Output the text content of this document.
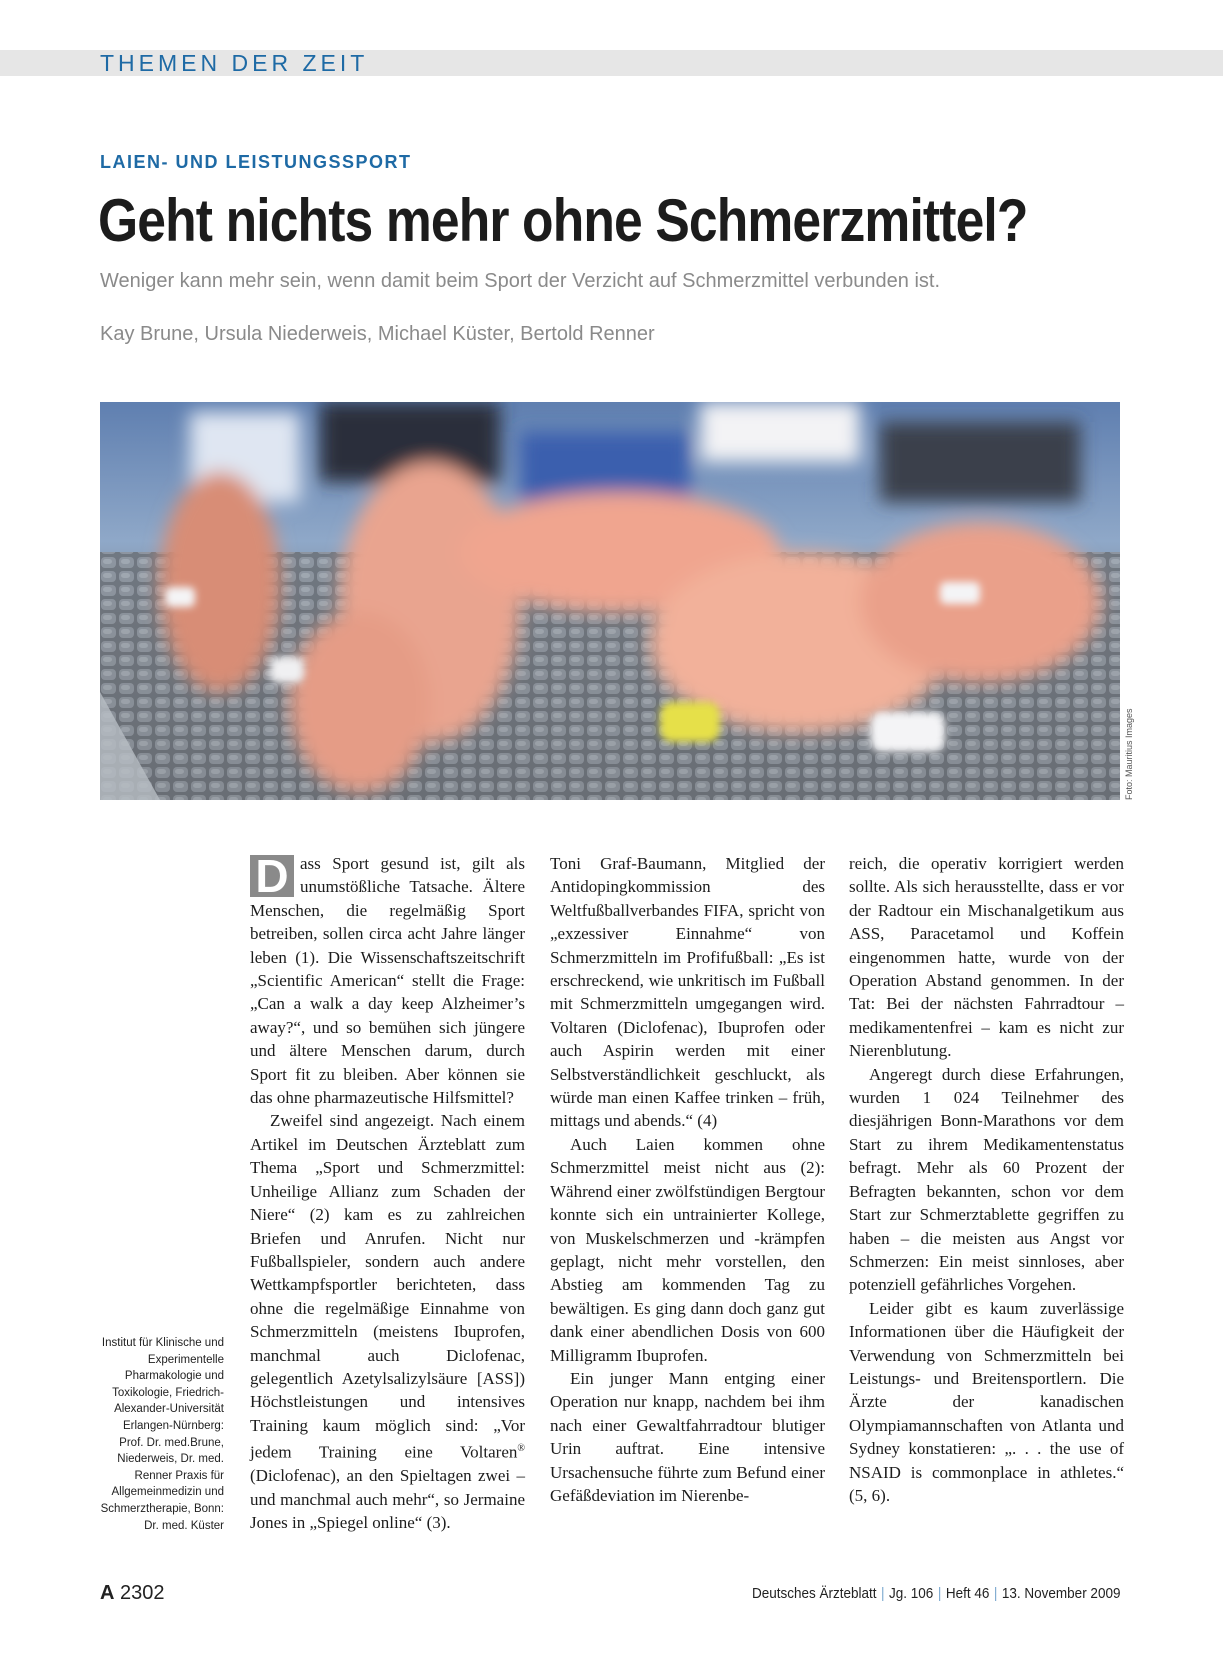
THEMEN DER ZEIT
LAIEN- UND LEISTUNGSSPORT
Geht nichts mehr ohne Schmerzmittel?
Weniger kann mehr sein, wenn damit beim Sport der Verzicht auf Schmerzmittel verbunden ist.
Kay Brune, Ursula Niederweis, Michael Küster, Bertold Renner
Foto: Mauritius Images
Institut für Klinische und Experimentelle Pharmakologie und Toxikologie, Friedrich-Alexander-Universität Erlangen-Nürnberg: Prof. Dr. med.Brune, Niederweis, Dr. med. Renner Praxis für Allgemeinmedizin und Schmerztherapie, Bonn: Dr. med. Küster

D ass Sport gesund ist, gilt als unumstößliche Tatsache. Ältere Menschen, die regelmäßig Sport betreiben, sollen circa acht Jahre länger leben (1). Die Wissenschaftszeitschrift „Scientific American“ stellt die Frage: „Can a walk a day keep Alzheimer’s away?“, und so bemühen sich jüngere und ältere Menschen darum, durch Sport fit zu bleiben. Aber können sie das ohne pharmazeutische Hilfsmittel?

Zweifel sind angezeigt. Nach einem Artikel im Deutschen Ärzteblatt zum Thema „Sport und Schmerzmittel: Unheilige Allianz zum Schaden der Niere“ (2) kam es zu zahlreichen Briefen und Anrufen. Nicht nur Fußballspieler, sondern auch andere Wettkampfsportler berichteten, dass ohne die regelmäßige Einnahme von Schmerzmitteln (meistens Ibuprofen, manchmal auch Diclofenac, gelegentlich Azetylsalizylsäure [ASS]) Höchstleistungen und intensives Training kaum möglich sind: „Vor jedem Training eine Voltaren® (Diclofenac), an den Spieltagen zwei – und manchmal auch mehr“, so Jermaine Jones in „Spiegel online“ (3).

Toni Graf-Baumann, Mitglied der Antidopingkommission des Weltfußballverbandes FIFA, spricht von „exzessiver Einnahme“ von Schmerzmitteln im Profifußball: „Es ist erschreckend, wie unkritisch im Fußball mit Schmerzmitteln umgegangen wird. Voltaren (Diclofenac), Ibuprofen oder auch Aspirin werden mit einer Selbstverständlichkeit geschluckt, als würde man einen Kaffee trinken – früh, mittags und abends.“ (4)

Auch Laien kommen ohne Schmerzmittel meist nicht aus (2): Während einer zwölfstündigen Bergtour konnte sich ein untrainierter Kollege, von Muskelschmerzen und -krämpfen geplagt, nicht mehr vorstellen, den Abstieg am kommenden Tag zu bewältigen. Es ging dann doch ganz gut dank einer abendlichen Dosis von 600 Milligramm Ibuprofen.

Ein junger Mann entging einer Operation nur knapp, nachdem bei ihm nach einer Gewaltfahrradtour blutiger Urin auftrat. Eine intensive Ursachensuche führte zum Befund einer Gefäßdeviation im Nierenbe-

reich, die operativ korrigiert werden sollte. Als sich herausstellte, dass er vor der Radtour ein Mischanalgetikum aus ASS, Paracetamol und Koffein eingenommen hatte, wurde von der Operation Abstand genommen. In der Tat: Bei der nächsten Fahrradtour – medikamentenfrei – kam es nicht zur Nierenblutung.

Angeregt durch diese Erfahrungen, wurden 1 024 Teilnehmer des diesjährigen Bonn-Marathons vor dem Start zu ihrem Medikamentenstatus befragt. Mehr als 60 Prozent der Befragten bekannten, schon vor dem Start zur Schmerztablette gegriffen zu haben – die meisten aus Angst vor Schmerzen: Ein meist sinnloses, aber potenziell gefährliches Vorgehen.

Leider gibt es kaum zuverlässige Informationen über die Häufigkeit der Verwendung von Schmerzmitteln bei Leistungs- und Breitensportlern. Die Ärzte der kanadischen Olympiamannschaften von Atlanta und Sydney konstatieren: „. . . the use of NSAID is commonplace in athletes.“ (5, 6).

A 2302	Deutsches Ärzteblatt | Jg. 106 | Heft 46 | 13. November 2009
